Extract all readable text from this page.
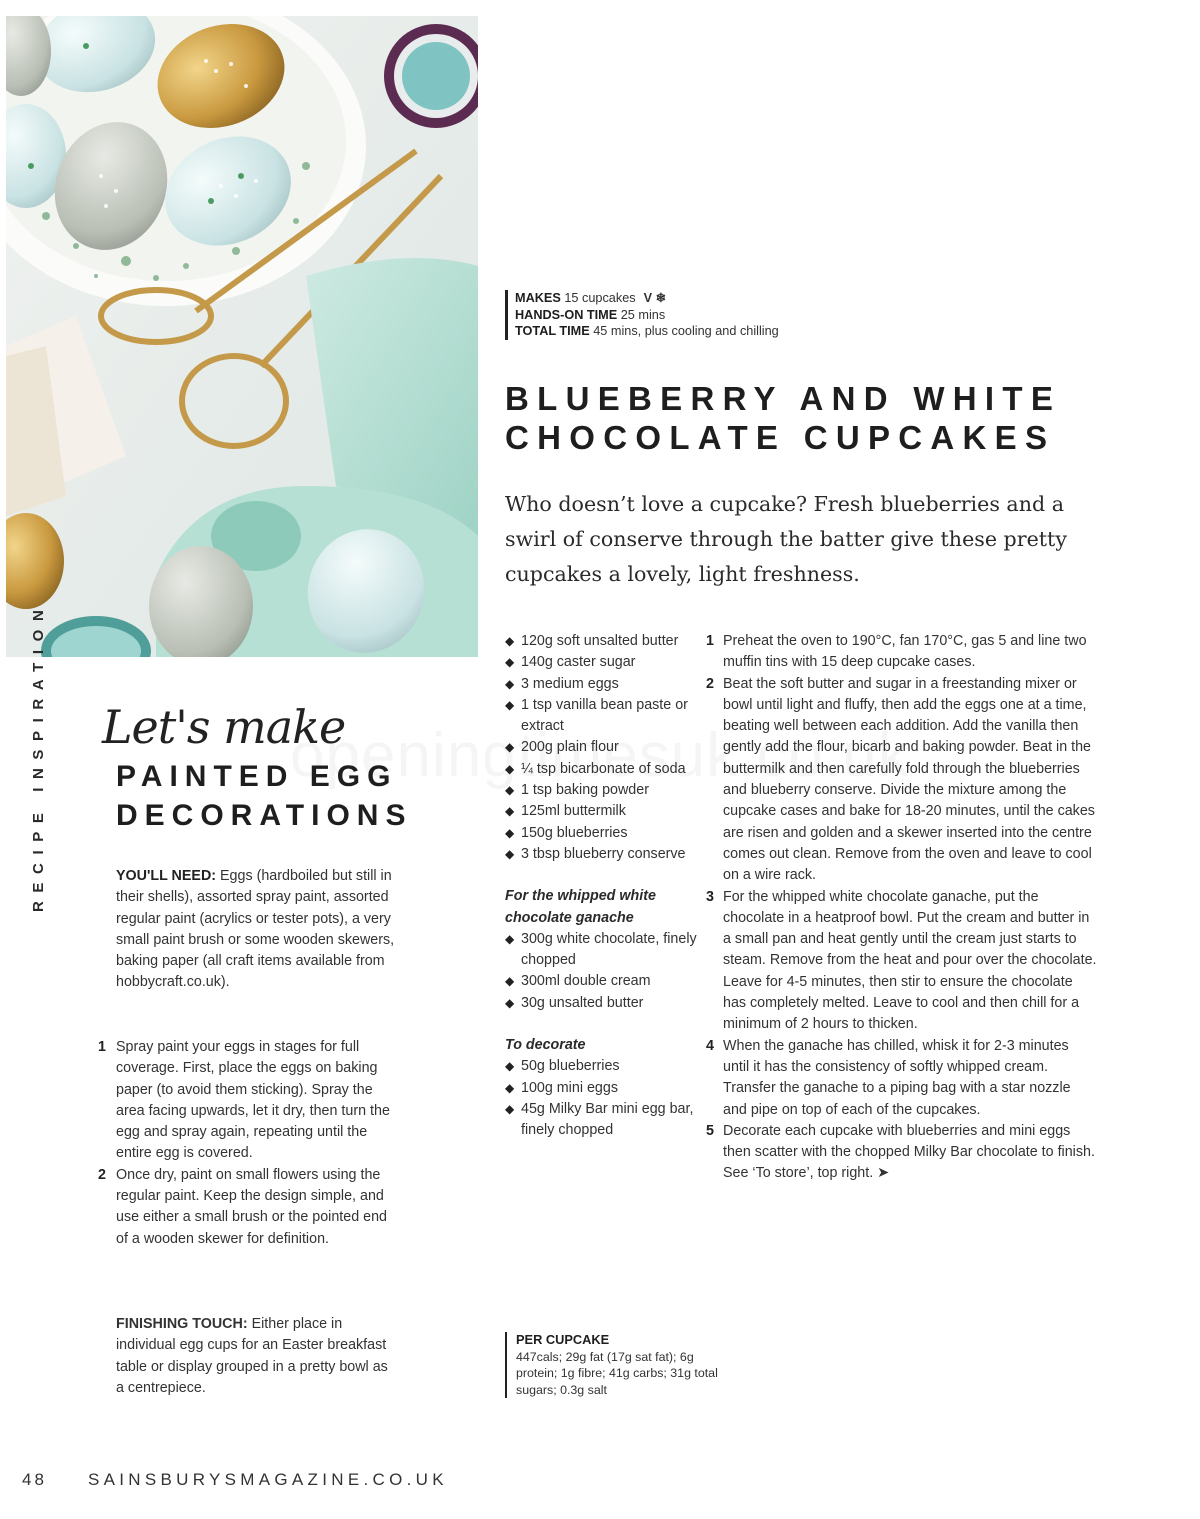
RECIPE INSPIRATION Let's make
PAINTED EGG
DECORATIONS
YOU'LL NEED: Eggs (hardboiled but still in their shells), assorted spray paint, assorted regular paint (acrylics or tester pots), a very small paint brush or some wooden skewers, baking paper (all craft items available from hobbycraft.co.uk).
1 Spray paint your eggs in stages for full coverage. First, place the eggs on baking paper (to avoid them sticking). Spray the area facing upwards, let it dry, then turn the egg and spray again, repeating until the entire egg is covered.
2 Once dry, paint on small flowers using the regular paint. Keep the design simple, and use either a small brush or the pointed end of a wooden skewer for definition.
FINISHING TOUCH: Either place in individual egg cups for an Easter breakfast table or display grouped in a pretty bowl as a centrepiece.
MAKES 15 cupcakes V ❄
HANDS-ON TIME 25 mins
TOTAL TIME 45 mins, plus cooling and chilling
BLUEBERRY AND WHITE
CHOCOLATE CUPCAKES
Who doesn’t love a cupcake? Fresh blueberries and a swirl of conserve through the batter give these pretty cupcakes a lovely, light freshness.
◆ 120g soft unsalted butter
◆ 140g caster sugar
◆ 3 medium eggs
◆ 1 tsp vanilla bean paste or extract
◆ 200g plain flour
◆ ¼ tsp bicarbonate of soda
◆ 1 tsp baking powder
◆ 125ml buttermilk
◆ 150g blueberries
◆ 3 tbsp blueberry conserve
For the whipped white chocolate ganache
◆ 300g white chocolate, finely chopped
◆ 300ml double cream
◆ 30g unsalted butter
To decorate
◆ 50g blueberries
◆ 100g mini eggs
◆ 45g Milky Bar mini egg bar, finely chopped
1 Preheat the oven to 190°C, fan 170°C, gas 5 and line two muffin tins with 15 deep cupcake cases.
2 Beat the soft butter and sugar in a freestanding mixer or bowl until light and fluffy, then add the eggs one at a time, beating well between each addition. Add the vanilla then gently add the flour, bicarb and baking powder. Beat in the buttermilk and then carefully fold through the blueberries and blueberry conserve. Divide the mixture among the cupcake cases and bake for 18-20 minutes, until the cakes are risen and golden and a skewer inserted into the centre comes out clean. Remove from the oven and leave to cool on a wire rack.
3 For the whipped white chocolate ganache, put the chocolate in a heatproof bowl. Put the cream and butter in a small pan and heat gently until the cream just starts to steam. Remove from the heat and pour over the chocolate. Leave for 4-5 minutes, then stir to ensure the chocolate has completely melted. Leave to cool and then chill for a minimum of 2 hours to thicken.
4 When the ganache has chilled, whisk it for 2-3 minutes until it has the consistency of softly whipped cream. Transfer the ganache to a piping bag with a star nozzle and pipe on top of each of the cupcakes.
5 Decorate each cupcake with blueberries and mini eggs then scatter with the chopped Milky Bar chocolate to finish. See ‘To store’, top right. ➤
PER CUPCAKE
447cals; 29g fat (17g sat fat); 6g protein; 1g fibre; 41g carbs; 31g total sugars; 0.3g salt
48 SAINSBURYSMAGAZINE.CO.UK
